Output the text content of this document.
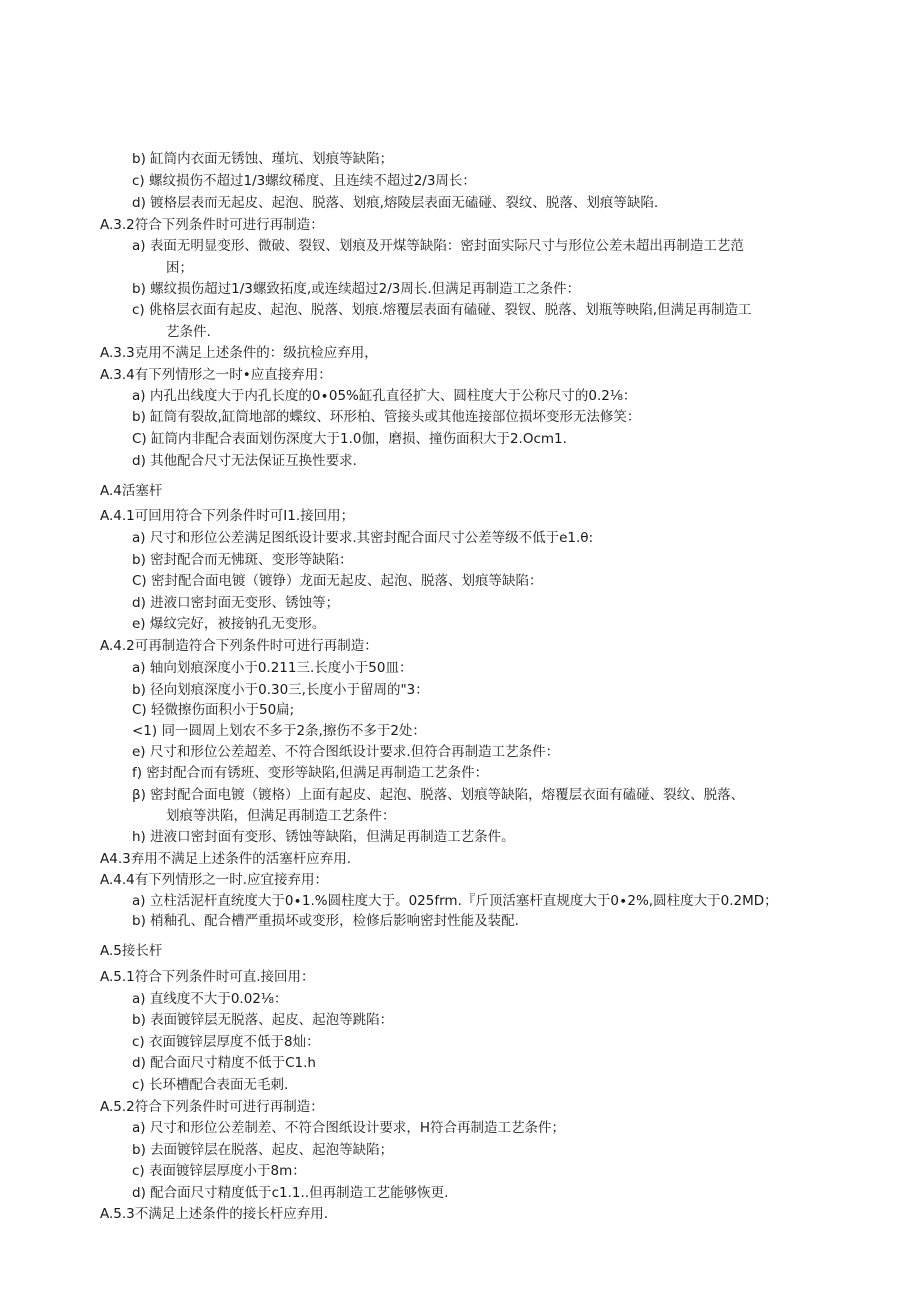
b) 缸筒内衣面无锈蚀、瑾坑、划痕等缺陷；
c) 螺纹损伤不超过1/3螺纹稀度、且连续不超过2/3周长：
d) 镀格层表而无起皮、起泡、脱落、划痕,熔陵层表面无磕碰、裂纹、脱落、划痕等缺陷.
A.3.2符合下列条件时可进行再制造：
a) 表面无明显变形、微破、裂钗、划痕及开煤等缺陷：密封面实际尺寸与形位公差未超出再制造工艺范
困；
b) 螺纹损伤超过1/3螺致拓度,或连续超过2/3周长.但满足再制造工之条件：
c) 佻格层衣面有起皮、起泡、脱落、划痕.熔覆层表面有磕碰、裂钗、脱落、划瓶等映陷,但满足再制造工
艺条件.
A.3.3克用不满足上述条件的：级抗检应弃用，
A.3.4有下列情形之一时•应直接弃用：
a) 内孔出线度大于内孔长度的0∙05%缸孔直径扩大、圆柱度大于公称尺寸的0.2⅛：
b) 缸筒有裂故,缸筒地部的蝶纹、环形柏、管接头或其他连接部位损坏变形无法修笑：
C) 缸筒内非配合表面划伤深度大于1.0伽，磨损、撞伤面积大于2.Ocm1.
d) 其他配合尺寸无法保证互换性要求.
A.4活塞杆
A.4.1可回用符合下列条件时可I1.接回用；
a) 尺寸和形位公差满足图纸设计要求.其密封配合面尺寸公差等级不低于e1.θ:
b) 密封配合而无怫斑、变形等缺陷：
C) 密封配合面电镀（镀铮）龙面无起皮、起泡、脱落、划痕等缺陷：
d) 进液口密封面无变形、锈蚀等；
e) 爆纹完好，被接钠孔无变形。
A.4.2可再制造符合下列条件时可进行再制造：
a) 轴向划痕深度小于0.211三.长度小于50皿：
b) 径向划痕深度小于0.30三,长度小于留周的"3：
C) 轻微擦伤面积小于50扁;
<1) 同一圆周上划农不多于2条,擦伤不多于2处：
e) 尺寸和形位公差超差、不符合图纸设计要求.但符合再制造工艺条件：
f) 密封配合而有锈班、变形等缺陷,但满足再制造工艺条件：
β) 密封配合面电镀（镀格）上面有起皮、起泡、脱落、划痕等缺陷，熔覆层衣面有磕碰、裂纹、脱落、
划痕等洪陷，但满足再制造工艺条件：
h) 进液口密封面有变形、锈蚀等缺陷，但满足再制造工艺条件。
A4.3弃用不满足上述条件的活塞杆应弃用.
A.4.4有下列情形之一时.应宜接弃用：
a) 立柱活泥杆直统度大于0∙1.%圆柱度大于。025frm.『斤顶活塞杆直规度大于0∙2%,圆柱度大于0.2MD；
b) 梢釉孔、配合槽严重损坏或变形，检修后影响密封性能及装配.
A.5接长杆
A.5.1符合下列条件时可直.接回用：
a) 直线度不大于0.02⅛：
b) 表面镀锌层无脱落、起皮、起泡等跳陷：
c) 衣面镀锌层厚度不低于8灿：
d) 配合面尺寸精度不低于C1.h
c) 长环槽配合表面无毛刺.
A.5.2符合下列条件时可进行再制造：
a) 尺寸和形位公差制差、不符合图纸设计要求，H符合再制造工艺条件；
b) 去面镀锌层在脱落、起皮、起泡等缺陷；
c) 表面镀锌层厚度小于8m：
d) 配合面尺寸精度低于c1.1..但再制造工艺能够恢更.
A.5.3不满足上述条件的接长杆应弃用.
